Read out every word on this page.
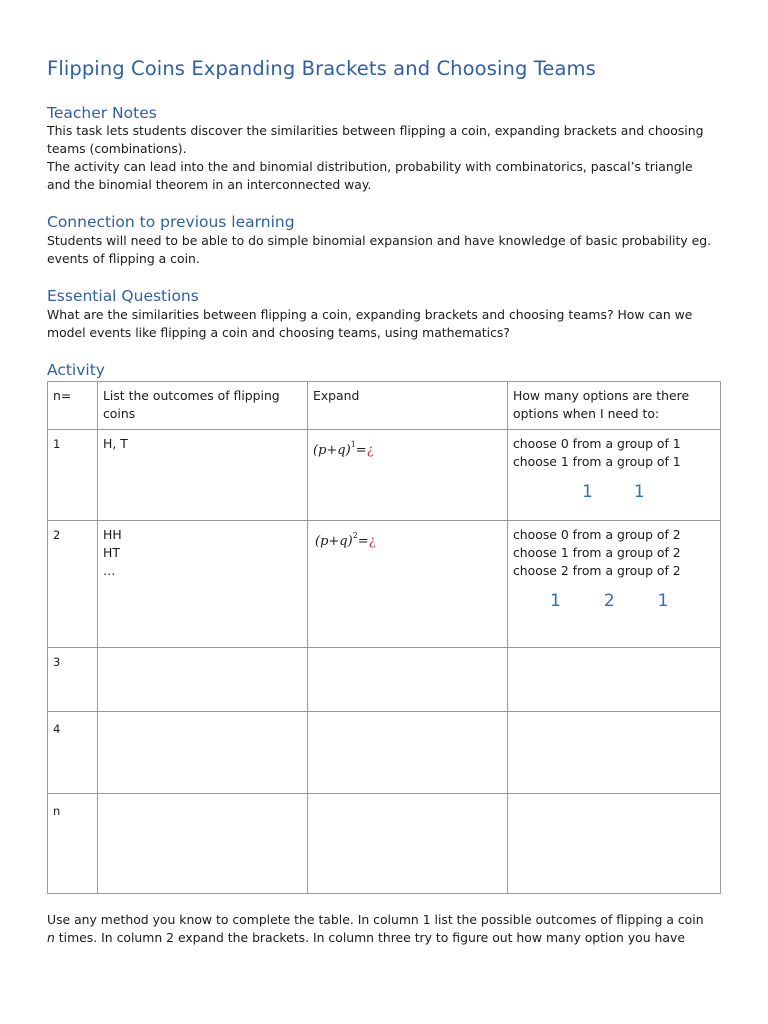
Flipping Coins Expanding Brackets and Choosing Teams
Teacher Notes

This task lets students discover the similarities between flipping a coin, expanding brackets and choosing
teams (combinations).
The activity can lead into the and binomial distribution, probability with combinatorics, pascal’s triangle
and the binomial theorem in an interconnected way.

Connection to previous learning

Students will need to be able to do simple binomial expansion and have knowledge of basic probability eg.
events of flipping a coin.

Essential Questions

What are the similarities between flipping a coin, expanding brackets and choosing teams? How can we
model events like flipping a coin and choosing teams, using mathematics?

Activity
n=	List the outcomes of flipping
coins	Expand	How many options are there
options when I need to:

1	H, T	$(p+q)^1=¿$	choose 0 from a group of 1
choose 1 from a group of 1
1 1

2	HH
HT
…	$(p+q)^2=¿$	choose 0 from a group of 2
choose 1 from a group of 2
choose 2 from a group of 2
1 2 1

3			
4			
n			

Use any method you know to complete the table. In column 1 list the possible outcomes of flipping a coin
n times. In column 2 expand the brackets. In column three try to figure out how many option you have
